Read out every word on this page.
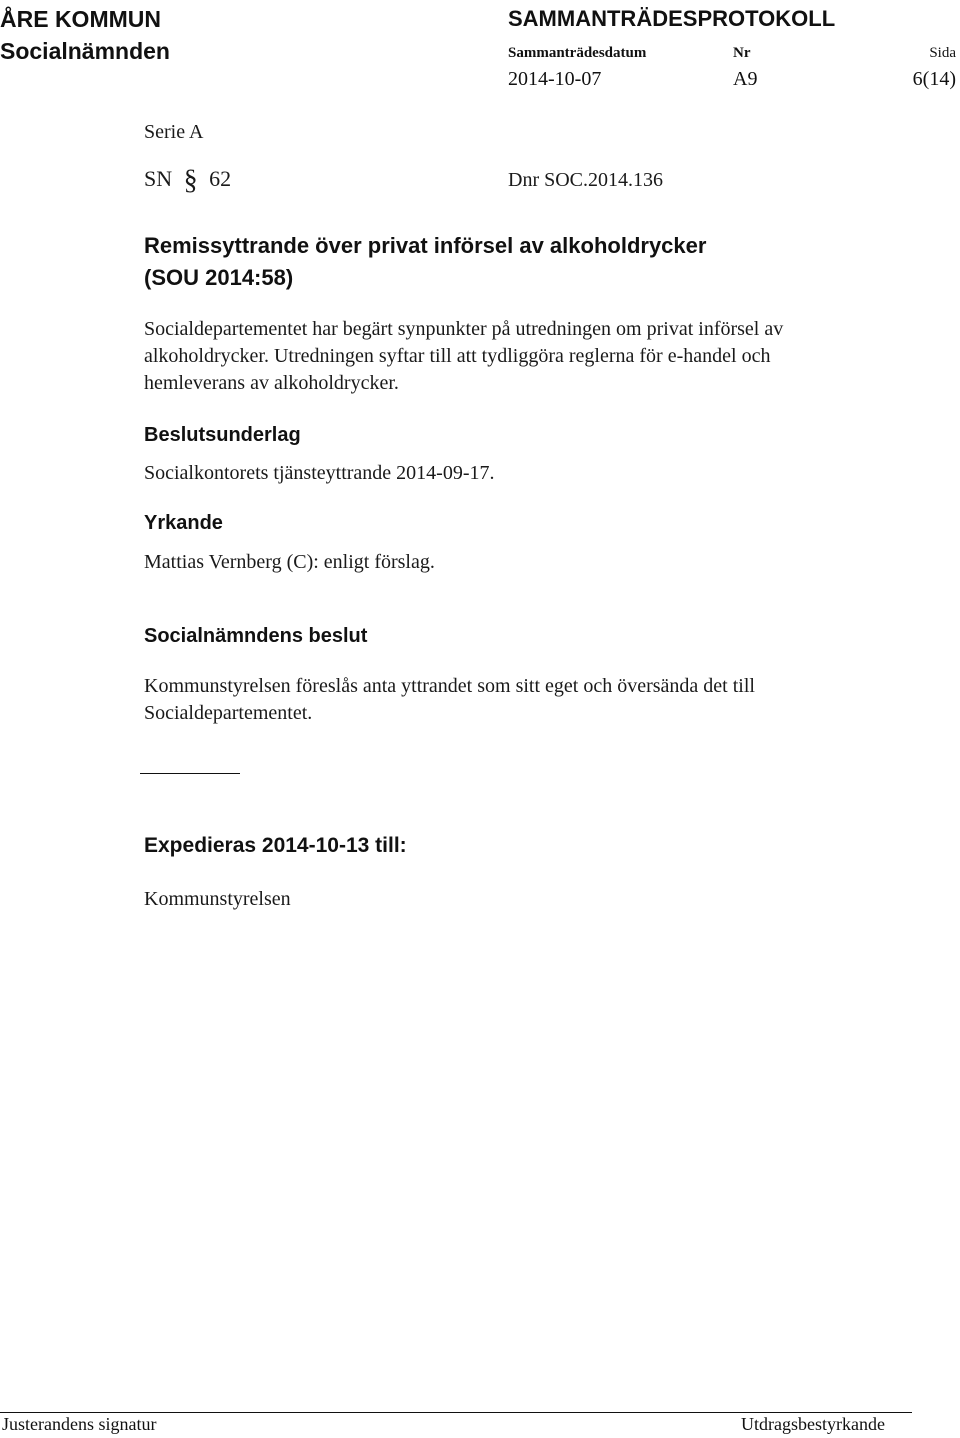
ÅRE KOMMUN
Socialnämnden
SAMMANTRÄDESPROTOKOLL
Sammanträdesdatum	Nr	Sida
2014-10-07	A9	6(14)
Serie A
SN § 62	Dnr SOC.2014.136
Remissyttrande över privat införsel av alkoholdrycker
(SOU 2014:58)
Socialdepartementet har begärt synpunkter på utredningen om privat införsel av
alkoholdrycker. Utredningen syftar till att tydliggöra reglerna för e-handel och
hemleverans av alkoholdrycker.
Beslutsunderlag
Socialkontorets tjänsteyttrande 2014-09-17.
Yrkande
Mattias Vernberg (C): enligt förslag.
Socialnämndens beslut
Kommunstyrelsen föreslås anta yttrandet som sitt eget och översända det till
Socialdepartementet.
Expedieras 2014-10-13 till:
Kommunstyrelsen
Justerandens signatur	Utdragsbestyrkande
